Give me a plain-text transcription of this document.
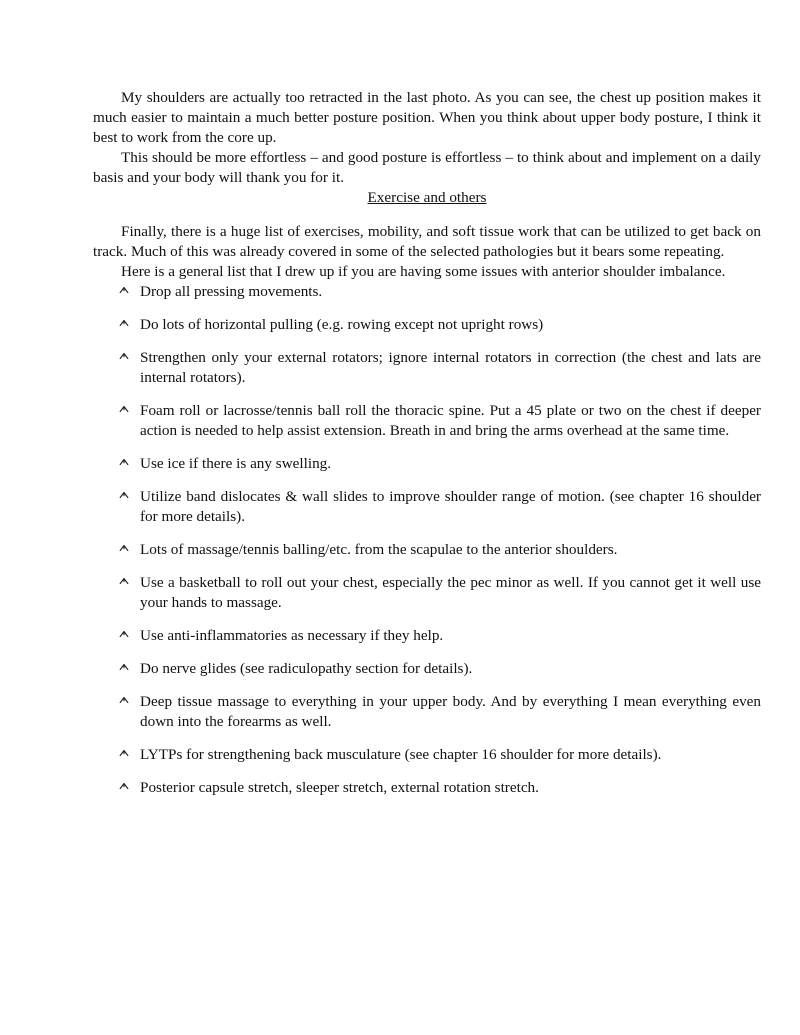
My shoulders are actually too retracted in the last photo. As you can see, the chest up position makes it much easier to maintain a much better posture position. When you think about upper body posture, I think it best to work from the core up.

This should be more effortless – and good posture is effortless – to think about and implement on a daily basis and your body will thank you for it.

Exercise and others

Finally, there is a huge list of exercises, mobility, and soft tissue work that can be utilized to get back on track. Much of this was already covered in some of the selected pathologies but it bears some repeating.

Here is a general list that I drew up if you are having some issues with anterior shoulder imbalance.

Drop all pressing movements.
Do lots of horizontal pulling (e.g. rowing except not upright rows)
Strengthen only your external rotators; ignore internal rotators in correction (the chest and lats are internal rotators).
Foam roll or lacrosse/tennis ball roll the thoracic spine. Put a 45 plate or two on the chest if deeper action is needed to help assist extension. Breath in and bring the arms overhead at the same time.
Use ice if there is any swelling.
Utilize band dislocates & wall slides to improve shoulder range of motion. (see chapter 16 shoulder for more details).
Lots of massage/tennis balling/etc. from the scapulae to the anterior shoulders.
Use a basketball to roll out your chest, especially the pec minor as well. If you cannot get it well use your hands to massage.
Use anti-inflammatories as necessary if they help.
Do nerve glides (see radiculopathy section for details).
Deep tissue massage to everything in your upper body. And by everything I mean everything even down into the forearms as well.
LYTPs for strengthening back musculature (see chapter 16 shoulder for more details).
Posterior capsule stretch, sleeper stretch, external rotation stretch.
